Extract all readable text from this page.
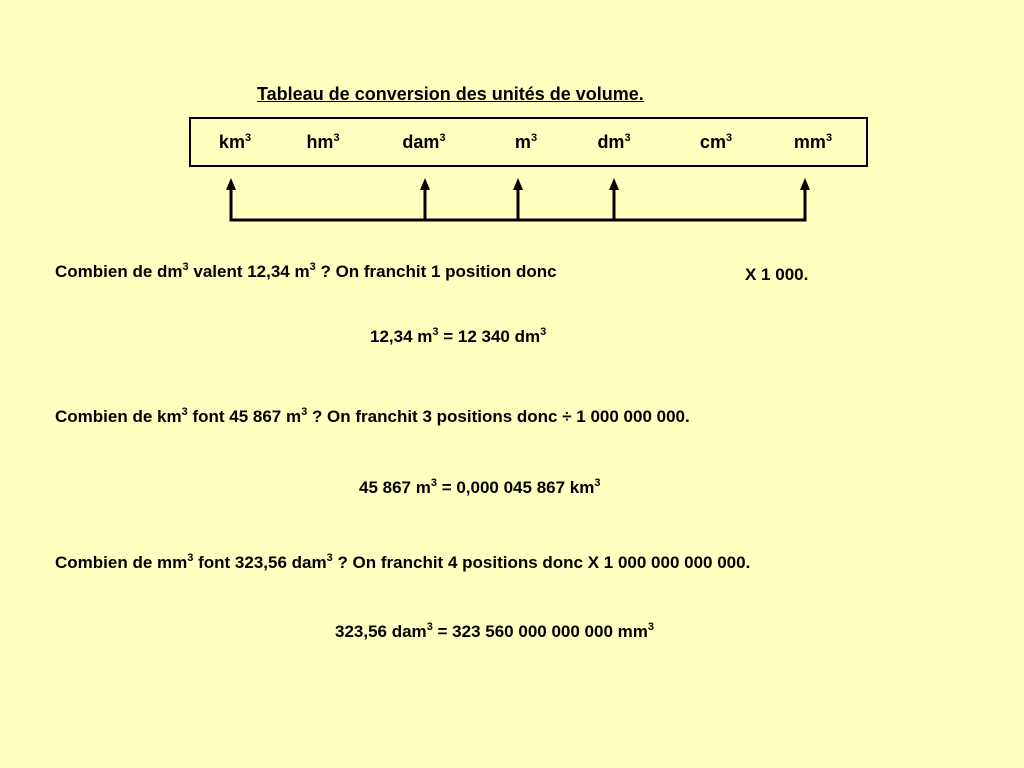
Tableau de conversion des unités de volume.
$km^3$	$hm^3$	dam$^3$	$m^3$	$dm^3$	$cm^3$	$mm^3$
Combien de $dm^3$ valent 12,34 $m^3$ ? On franchit 1 position donc	X 1 000.
12,34 $m^3 = 12$ 340 $dm^3$
Combien de $km^3$ font 45 867 $m^3$ ? On franchit 3 positions donc ÷ 1 000 000 000.
45 867 $m^3 = 0,000$ 045 867 $km^3$
Combien de $mm^3$ font 323,56 dam$^3$ ? On franchit 4 positions donc X 1 000 000 000 000.
323,56 dam$^3$ = 323 560 000 000 000 $mm^3$
